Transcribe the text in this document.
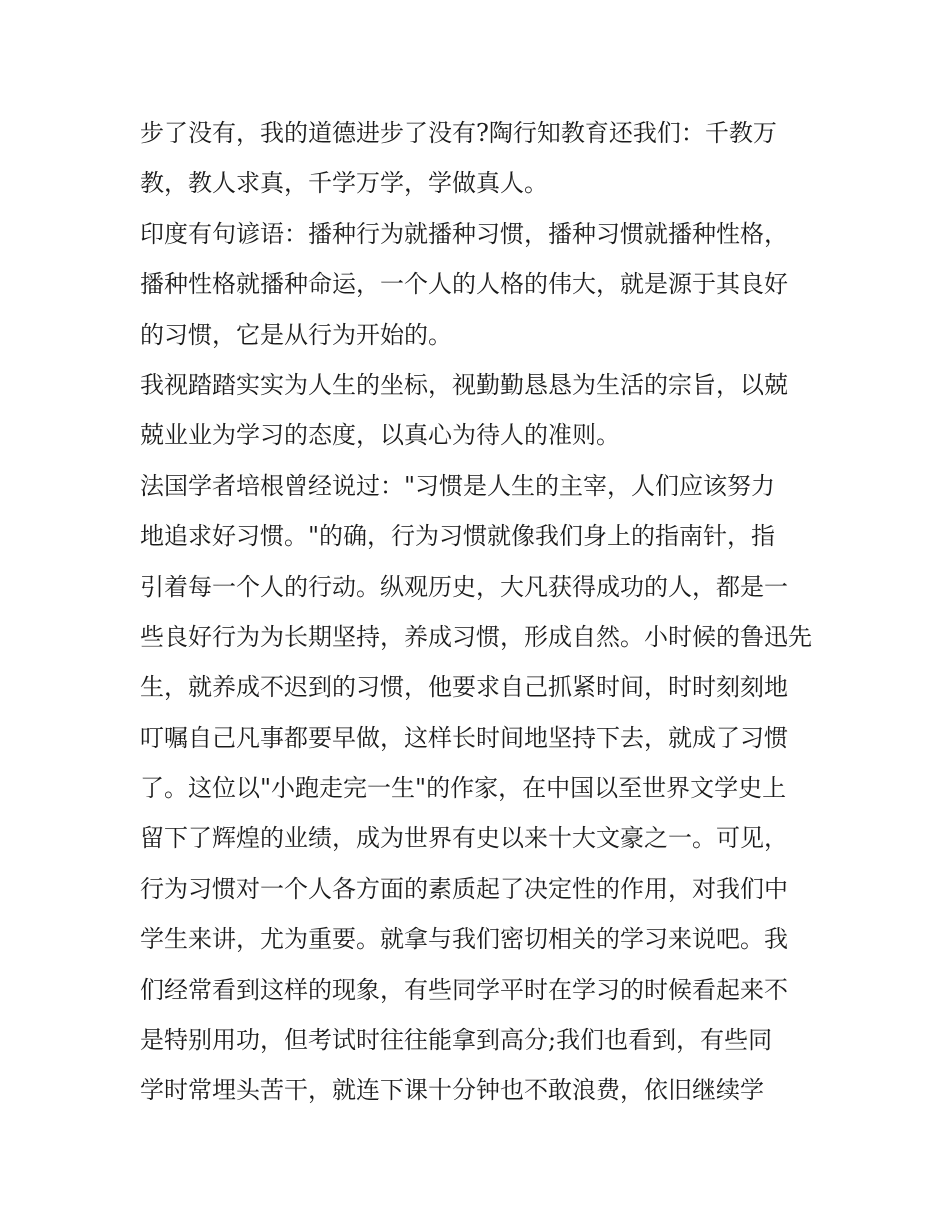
步了没有，我的道德进步了没有?陶行知教育还我们：千教万
教，教人求真，千学万学，学做真人。
印度有句谚语：播种行为就播种习惯，播种习惯就播种性格，
播种性格就播种命运，一个人的人格的伟大，就是源于其良好
的习惯，它是从行为开始的。
我视踏踏实实为人生的坐标，视勤勤恳恳为生活的宗旨，以兢
兢业业为学习的态度，以真心为待人的准则。
法国学者培根曾经说过："习惯是人生的主宰，人们应该努力
地追求好习惯。"的确，行为习惯就像我们身上的指南针，指
引着每一个人的行动。纵观历史，大凡获得成功的人，都是一
些良好行为为长期坚持，养成习惯，形成自然。小时候的鲁迅先
生，就养成不迟到的习惯，他要求自己抓紧时间，时时刻刻地
叮嘱自己凡事都要早做，这样长时间地坚持下去，就成了习惯
了。这位以"小跑走完一生"的作家，在中国以至世界文学史上
留下了辉煌的业绩，成为世界有史以来十大文豪之一。可见，
行为习惯对一个人各方面的素质起了决定性的作用，对我们中
学生来讲，尤为重要。就拿与我们密切相关的学习来说吧。我
们经常看到这样的现象，有些同学平时在学习的时候看起来不
是特别用功，但考试时往往能拿到高分;我们也看到，有些同
学时常埋头苦干，就连下课十分钟也不敢浪费，依旧继续学
